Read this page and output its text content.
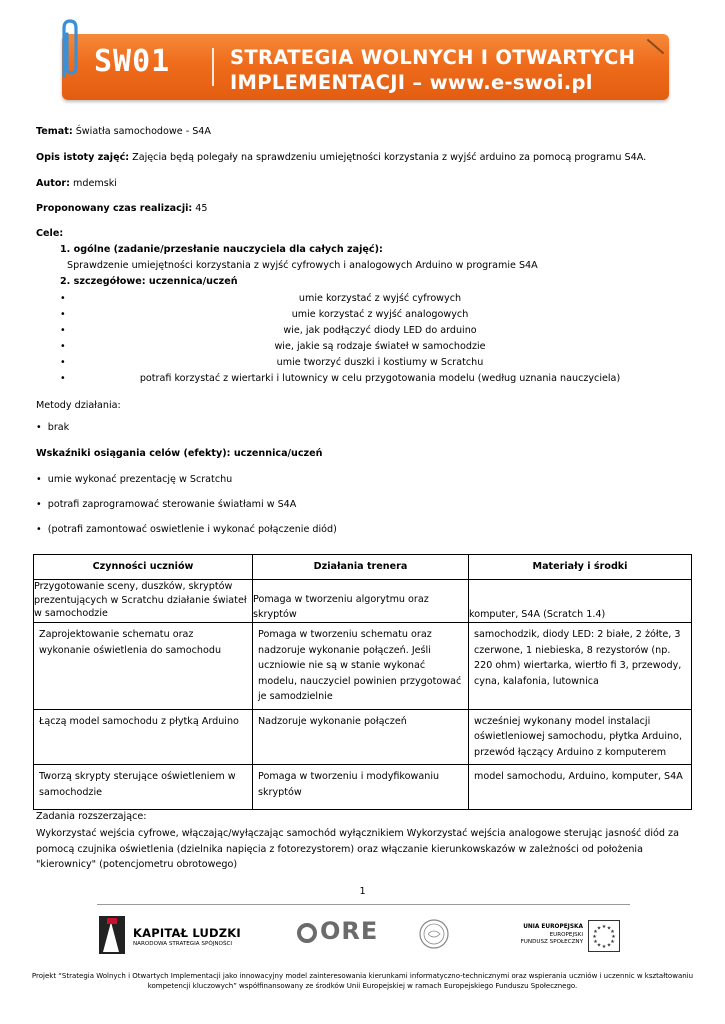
SW01	STRATEGIA WOLNYCH I OTWARTYCH
IMPLEMENTACJI – www.e-swoi.pl
Temat: Światła samochodowe - S4A
Opis istoty zajęć: Zajęcia będą polegały na sprawdzeniu umiejętności korzystania z wyjść arduino za pomocą programu S4A.
Autor: mdemski
Proponowany czas realizacji: 45
Cele:
1. ogólne (zadanie/przesłanie nauczyciela dla całych zajęć):
Sprawdzenie umiejętności korzystania z wyjść cyfrowych i analogowych Arduino w programie S4A
2. szczegółowe: uczennica/uczeń
•	umie korzystać z wyjść cyfrowych
•	umie korzystać z wyjść analogowych
•	wie, jak podłączyć diody LED do arduino
•	wie, jakie są rodzaje świateł w samochodzie
•	umie tworzyć duszki i kostiumy w Scratchu
•	potrafi korzystać z wiertarki i lutownicy w celu przygotowania modelu (według uznania nauczyciela)
Metody działania:
•  brak
Wskaźniki osiągania celów (efekty): uczennica/uczeń
•  umie wykonać prezentację w Scratchu
•  potrafi zaprogramować sterowanie światłami w S4A
•  (potrafi zamontować oswietlenie i wykonać połączenie diód)
Czynności uczniów	Działania trenera	Materiały i środki
Przygotowanie sceny, duszków, skryptów prezentujących w Scratchu działanie świateł w samochodzie	Pomaga w tworzeniu algorytmu oraz skryptów	komputer, S4A (Scratch 1.4)
Zaprojektowanie schematu oraz wykonanie oświetlenia do samochodu	Pomaga w tworzeniu schematu oraz nadzoruje wykonanie połączeń. Jeśli uczniowie nie są w stanie wykonać modelu, nauczyciel powinien przygotować je samodzielnie	samochodzik, diody LED: 2 białe, 2 żółte, 3 czerwone, 1 niebieska, 8 rezystorów (np. 220 ohm) wiertarka, wiertło fi 3, przewody, cyna, kalafonia, lutownica
Łączą model samochodu z płytką Arduino	Nadzoruje wykonanie połączeń	wcześniej wykonany model instalacji oświetleniowej samochodu, płytka Arduino, przewód łączący Arduino z komputerem
Tworzą skrypty sterujące oświetleniem w samochodzie	Pomaga w tworzeniu i modyfikowaniu skryptów	model samochodu, Arduino, komputer, S4A
Zadania rozszerzające:
Wykorzystać wejścia cyfrowe, włączając/wyłączając samochód wyłącznikiem Wykorzystać wejścia analogowe sterując jasność diód za pomocą czujnika oświetlenia (dzielnika napięcia z fotorezystorem) oraz włączanie kierunkowskazów w zależności od położenia "kierownicy" (potencjometru obrotowego)
1
KAPITAŁ LUDZKI
NARODOWA STRATEGIA SPÓJNOŚCI	ORE	UNIA EUROPEJSKA
EUROPEJSKI
FUNDUSZ SPOŁECZNY
★ ★
★
★
★
★
★
★
★
★
★
★
Projekt “Strategia Wolnych i Otwartych Implementacji jako innowacyjny model zainteresowania kierunkami informatyczno-technicznymi oraz wspierania uczniów i uczennic w kształtowaniu kompetencji kluczowych” współfinansowany ze środków Unii Europejskiej w ramach Europejskiego Funduszu Społecznego.
